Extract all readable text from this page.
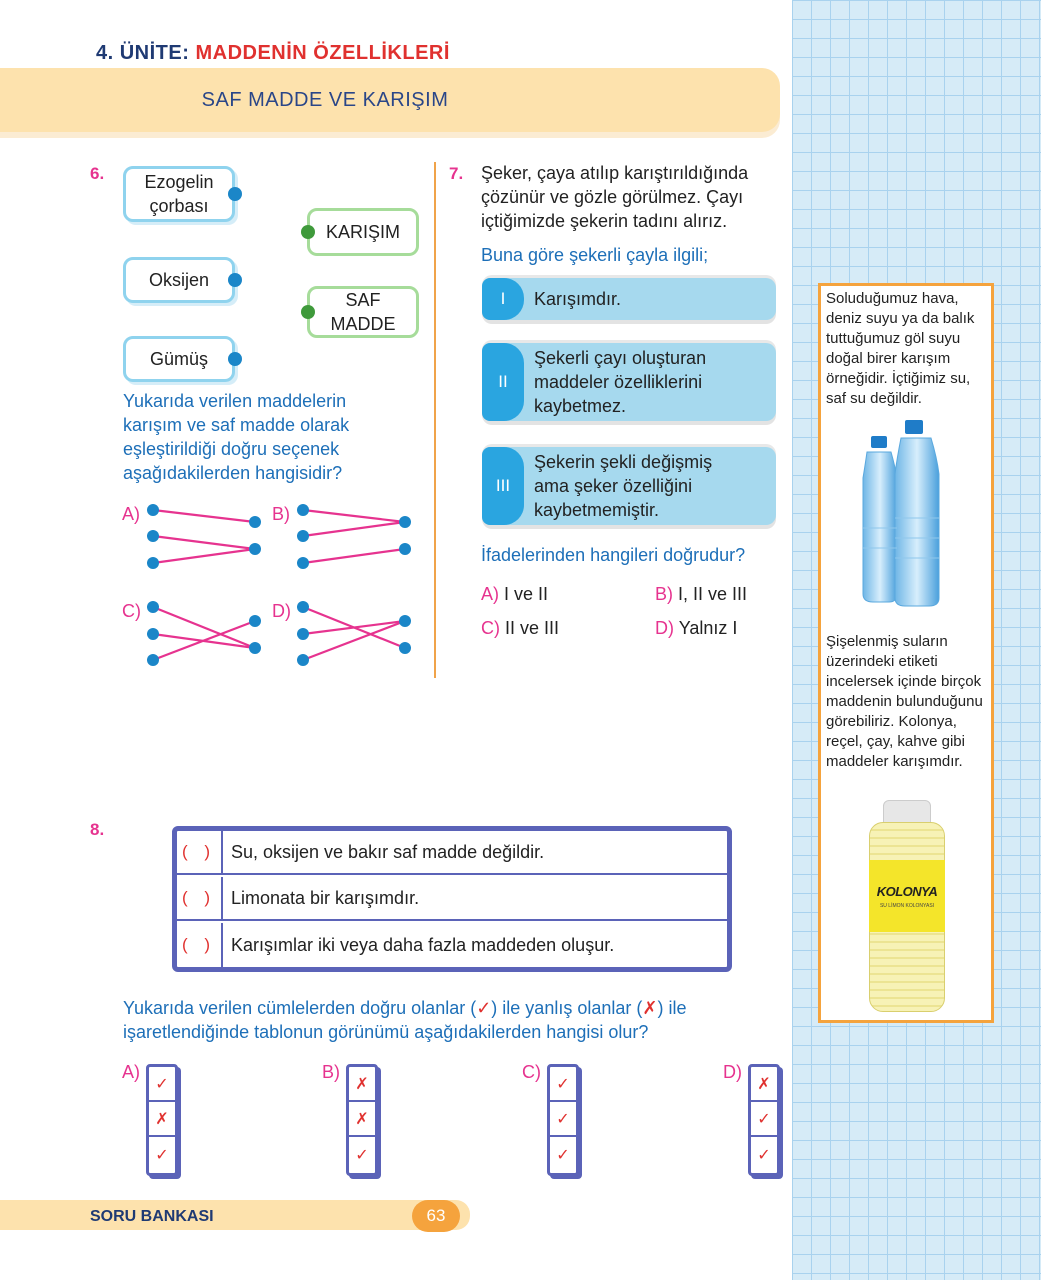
4. ÜNİTE: MADDENİN ÖZELLİKLERİ
SAF MADDE VE KARIŞIM
6.	Ezogelin çorbası
Oksijen
Gümüş
KARIŞIM
SAF MADDE
Yukarıda verilen maddelerin karışım ve saf madde olarak eşleştirildiği doğru seçenek aşağıdakilerden hangisidir?
A)	B)
C)	D)
7. Şeker, çaya atılıp karıştırıldığında çözünür ve gözle görülmez. Çayı içtiğimizde şekerin tadını alırız.
Buna göre şekerli çayla ilgili;
I	Karışımdır.
II
Şekerli çayı oluşturan maddeler özelliklerini kaybetmez.
III
Şekerin şekli değişmiş ama şeker özelliğini kaybetmemiştir.
İfadelerinden hangileri doğrudur?
A) I ve II	B) I, II ve III
C) II ve III	D) Yalnız I
Soluduğumuz hava, deniz suyu ya da balık tuttuğumuz göl suyu doğal birer karışım örneğidir. İçtiğimiz su, saf su değildir.
Şişelenmiş suların üzerindeki etiketi incelersek içinde birçok maddenin bulunduğunu görebiliriz. Kolonya, reçel, çay, kahve gibi maddeler karışımdır.
KOLONYA
SU LİMON KOLONYASI
8.
( ) Su, oksijen ve bakır saf madde değildir.
( ) Limonata bir karışımdır.
( ) Karışımlar iki veya daha fazla maddeden oluşur.
Yukarıda verilen cümlelerden doğru olanlar (✓) ile yanlış olanlar (✗) ile işaretlendiğinde tablonun görünümü aşağıdakilerden hangisi olur?
A)
✓
✗
✓
B)
✗
✗
✓
C)
✓
✓
✓
D)
✗
✓
✓
SORU BANKASI	63
